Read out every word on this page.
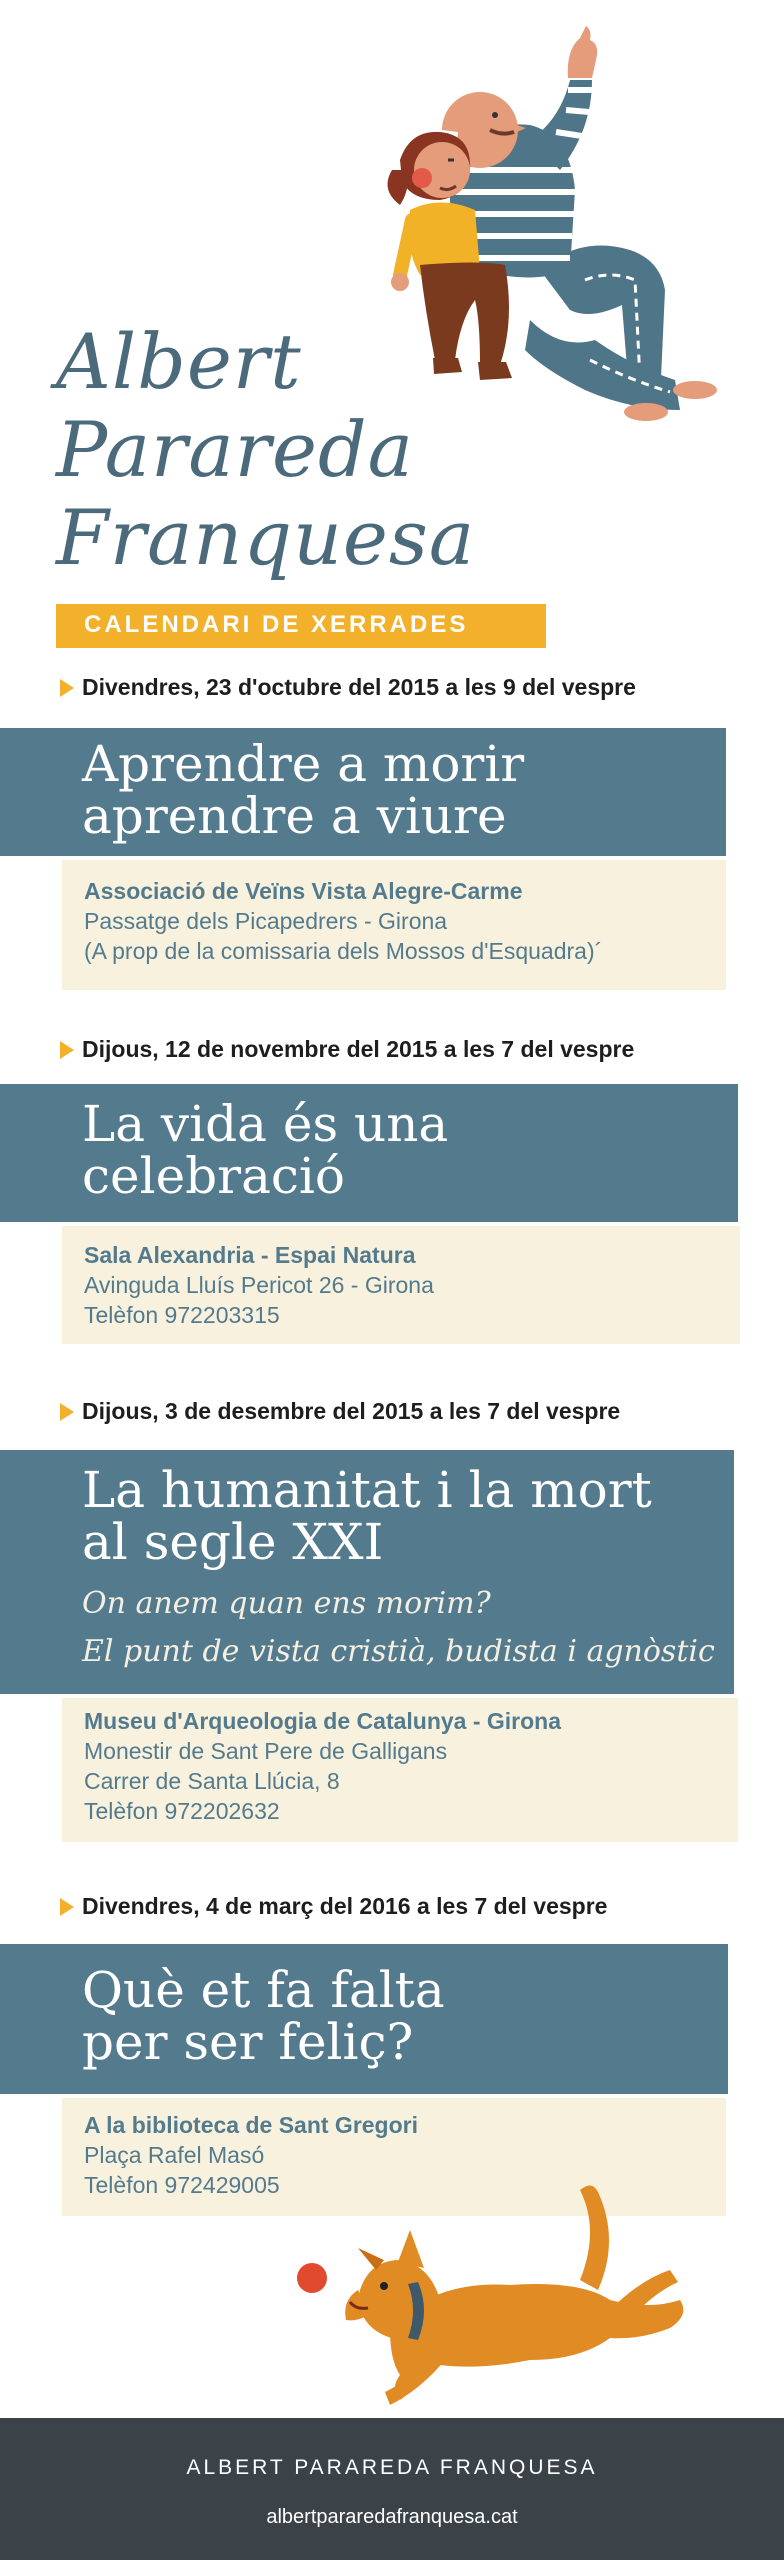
Albert
Parareda
Franquesa
CALENDARI DE XERRADES
Divendres, 23 d'octubre del 2015 a les 9 del vespre
Aprendre a morir
aprendre a viure
Associació de Veïns Vista Alegre-Carme
Passatge dels Picapedrers - Girona
(A prop de la comissaria dels Mossos d'Esquadra)´
Dijous, 12 de novembre del 2015 a les 7 del vespre
La vida és una
celebració
Sala Alexandria - Espai Natura
Avinguda Lluís Pericot 26 - Girona
Telèfon 972203315
Dijous, 3 de desembre del 2015 a les 7 del vespre
La humanitat i la mort
al segle XXI
On anem quan ens morim?
El punt de vista cristià, budista i agnòstic
Museu d'Arqueologia de Catalunya - Girona
Monestir de Sant Pere de Galligans
Carrer de Santa Llúcia, 8
Telèfon 972202632
Divendres, 4 de març del 2016 a les 7 del vespre
Què et fa falta
per ser feliç?
A la biblioteca de Sant Gregori
Plaça Rafel Masó
Telèfon 972429005
ALBERT PARAREDA FRANQUESA
albertpararedafranquesa.cat
